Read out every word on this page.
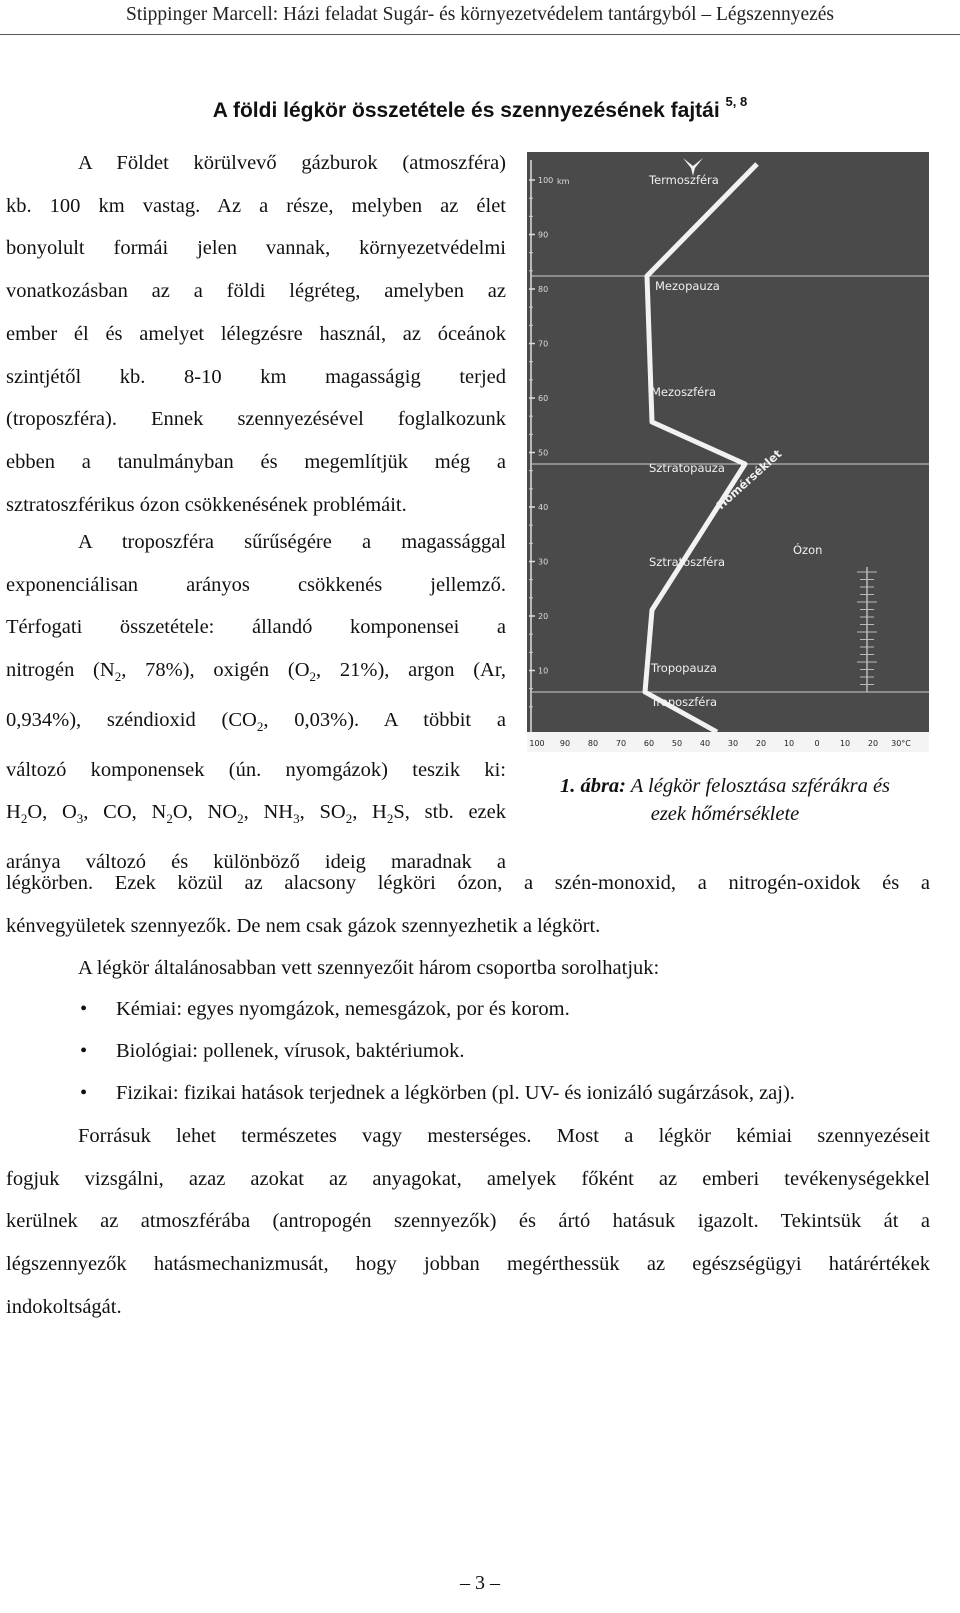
Stippinger Marcell: Házi feladat Sugár- és környezetvédelem tantárgyból – Légszennyezés
A földi légkör összetétele és szennyezésének fajtái $^{5, 8}$
A Földet körülvevő gázburok (atmoszféra)
kb. 100 km vastag. Az a része, melyben az élet
bonyolult formái jelen vannak, környezetvédelmi
vonatkozásban az a földi légréteg, amelyben az
ember él és amelyet lélegzésre használ, az óceánok
szintjétől kb. 8-10 km magasságig terjed
(troposzféra). Ennek szennyezésével foglalkozunk
ebben a tanulmányban és megemlítjük még a
sztratoszférikus ózon csökkenésének problémáit.
A troposzféra sűrűségére a magassággal
exponenciálisan arányos csökkenés jellemző.
Térfogati összetétele: állandó komponensei a
nitrogén ($N_2$, 78%), oxigén ($O_2$, 21%), argon (Ar,
0,934%), széndioxid ($CO_2$, 0,03%). A többit a
változó komponensek (ún. nyomgázok) teszik ki:
$H_2O$, $O_3$, CO, $N_2O$, $NO_2$, $NH_3$, $SO_2$, $H_2S$, stb. ezek
aránya változó és különböző ideig maradnak a
légkörben. Ezek közül az alacsony légköri ózon, a szén-monoxid, a nitrogén-oxidok és a
kénvegyületek szennyezők. De nem csak gázok szennyezhetik a légkört.
A légkör általánosabban vett szennyezőit három csoportba sorolhatjuk:
• Kémiai: egyes nyomgázok, nemesgázok, por és korom.
• Biológiai: pollenek, vírusok, baktériumok.
• Fizikai: fizikai hatások terjednek a légkörben (pl. UV- és ionizáló sugárzások, zaj).
Forrásuk lehet természetes vagy mesterséges. Most a légkör kémiai szennyezéseit
fogjuk vizsgálni, azaz azokat az anyagokat, amelyek főként az emberi tevékenységekkel
kerülnek az atmoszférába (antropogén szennyezők) és ártó hatásuk igazolt. Tekintsük át a
légszennyezők hatásmechanizmusát, hogy jobban megérthessük az egészségügyi határértékek
indokoltságát.
100
90
80
70
60
50
40
30
20
10
km	Termoszféra
Mezopauza
Mezoszféra
Sztratopauza
Sztratoszféra
Tropopauza
Troposzféra
Ózon
Hőmérséklet
100 90 80 70 60 50 40 30 20 10	0	10 20 30°C
1. ábra: A légkör felosztása szférákra és
ezek hőmérséklete
– 3 –
